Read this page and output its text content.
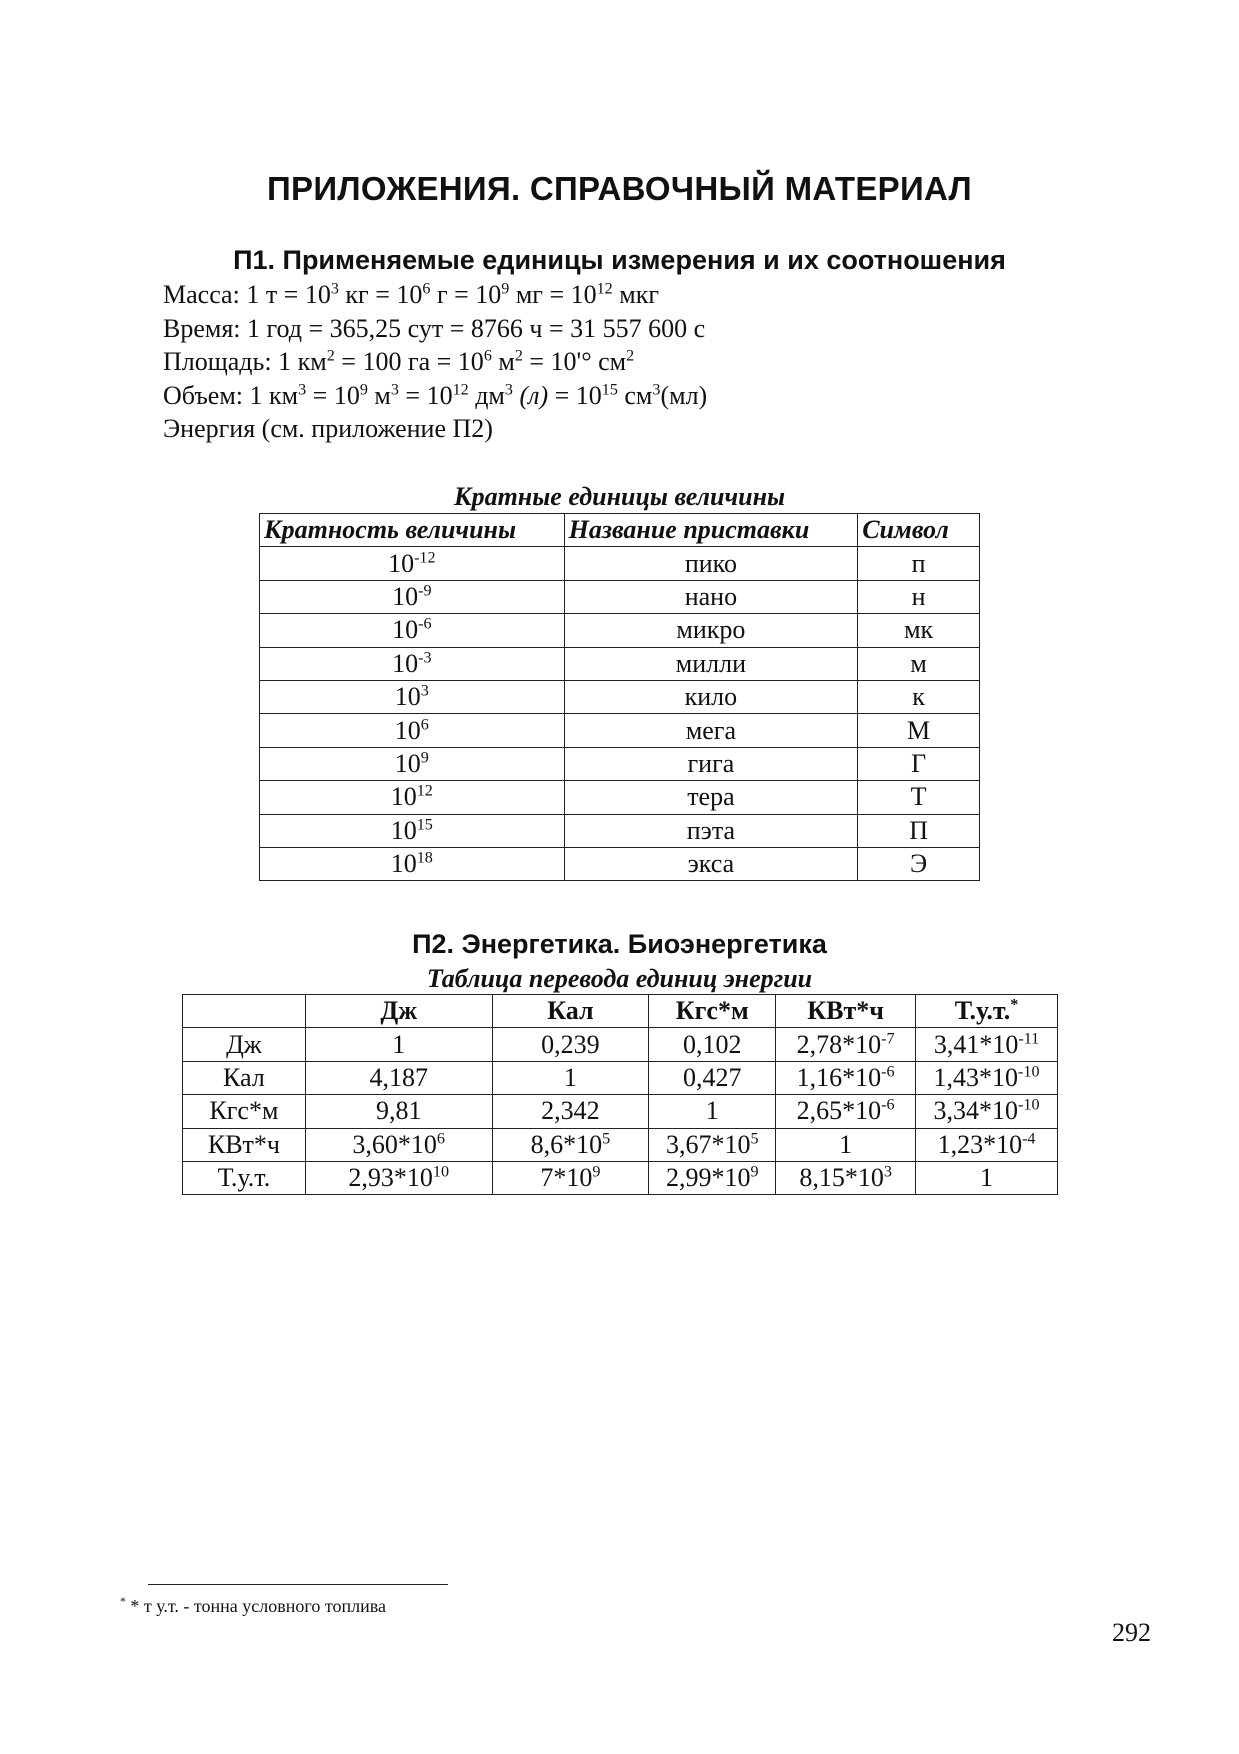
ПРИЛОЖЕНИЯ. СПРАВОЧНЫЙ МАТЕРИАЛ
П1. Применяемые единицы измерения и их соотношения
Масса: 1 $т = 10^3$ кг = $10^6$ $г = 10^9$ мг = $10^{12}$ мкг
Время: 1 год = 365,25 сут = 8766 ч = 31 557 600 с
Площадь: 1 $км^2 = 100$ га = $10^6$ $м^2 = 10'^\circ$ $см^2$
Объем: 1 $км^3 = 10^9$ $м^3 = 10^{12}$ $дм^3$ $(л) = 10^{15}$ $см^3(мл)$
Энергия (см. приложение П2)

Кратные единицы величины

Кратность величины	Название приставки	Символ
$10^{-12}$	пико	п
$10^{-9}$	нано	н
$10^{-6}$	микро	мк
$10^{-3}$	милли	м
$10^3$	кило	к
$10^6$	мега	М
$10^9$	гига	Г
$10^{12}$	тера	Т
$10^{15}$	пэта	П
$10^{18}$	экса	Э
П2. Энергетика. Биоэнергетика

Таблица перевода единиц энергии

	Дж	Кал	Кгс*м	КВт*ч	Т.у.т.*
Дж	1	0,239	0,102	$2,78*10^{-7}$	$3,41*10^{-11}$
Кал	4,187	1	0,427	$1,16*10^{-6}$	$1,43*10^{-10}$
Кгс*м	9,81	2,342	1	$2,65*10^{-6}$	$3,34*10^{-10}$
КВт*ч	$3,60*10^6$	$8,6*10^5$	$3,67*10^5$	1	$1,23*10^{-4}$
Т.у.т.	$2,93*10^{10}$	$7*10^9$	$2,99*10^9$	$8,15*10^3$	1
* * т у.т. - тонна условного топлива
292
